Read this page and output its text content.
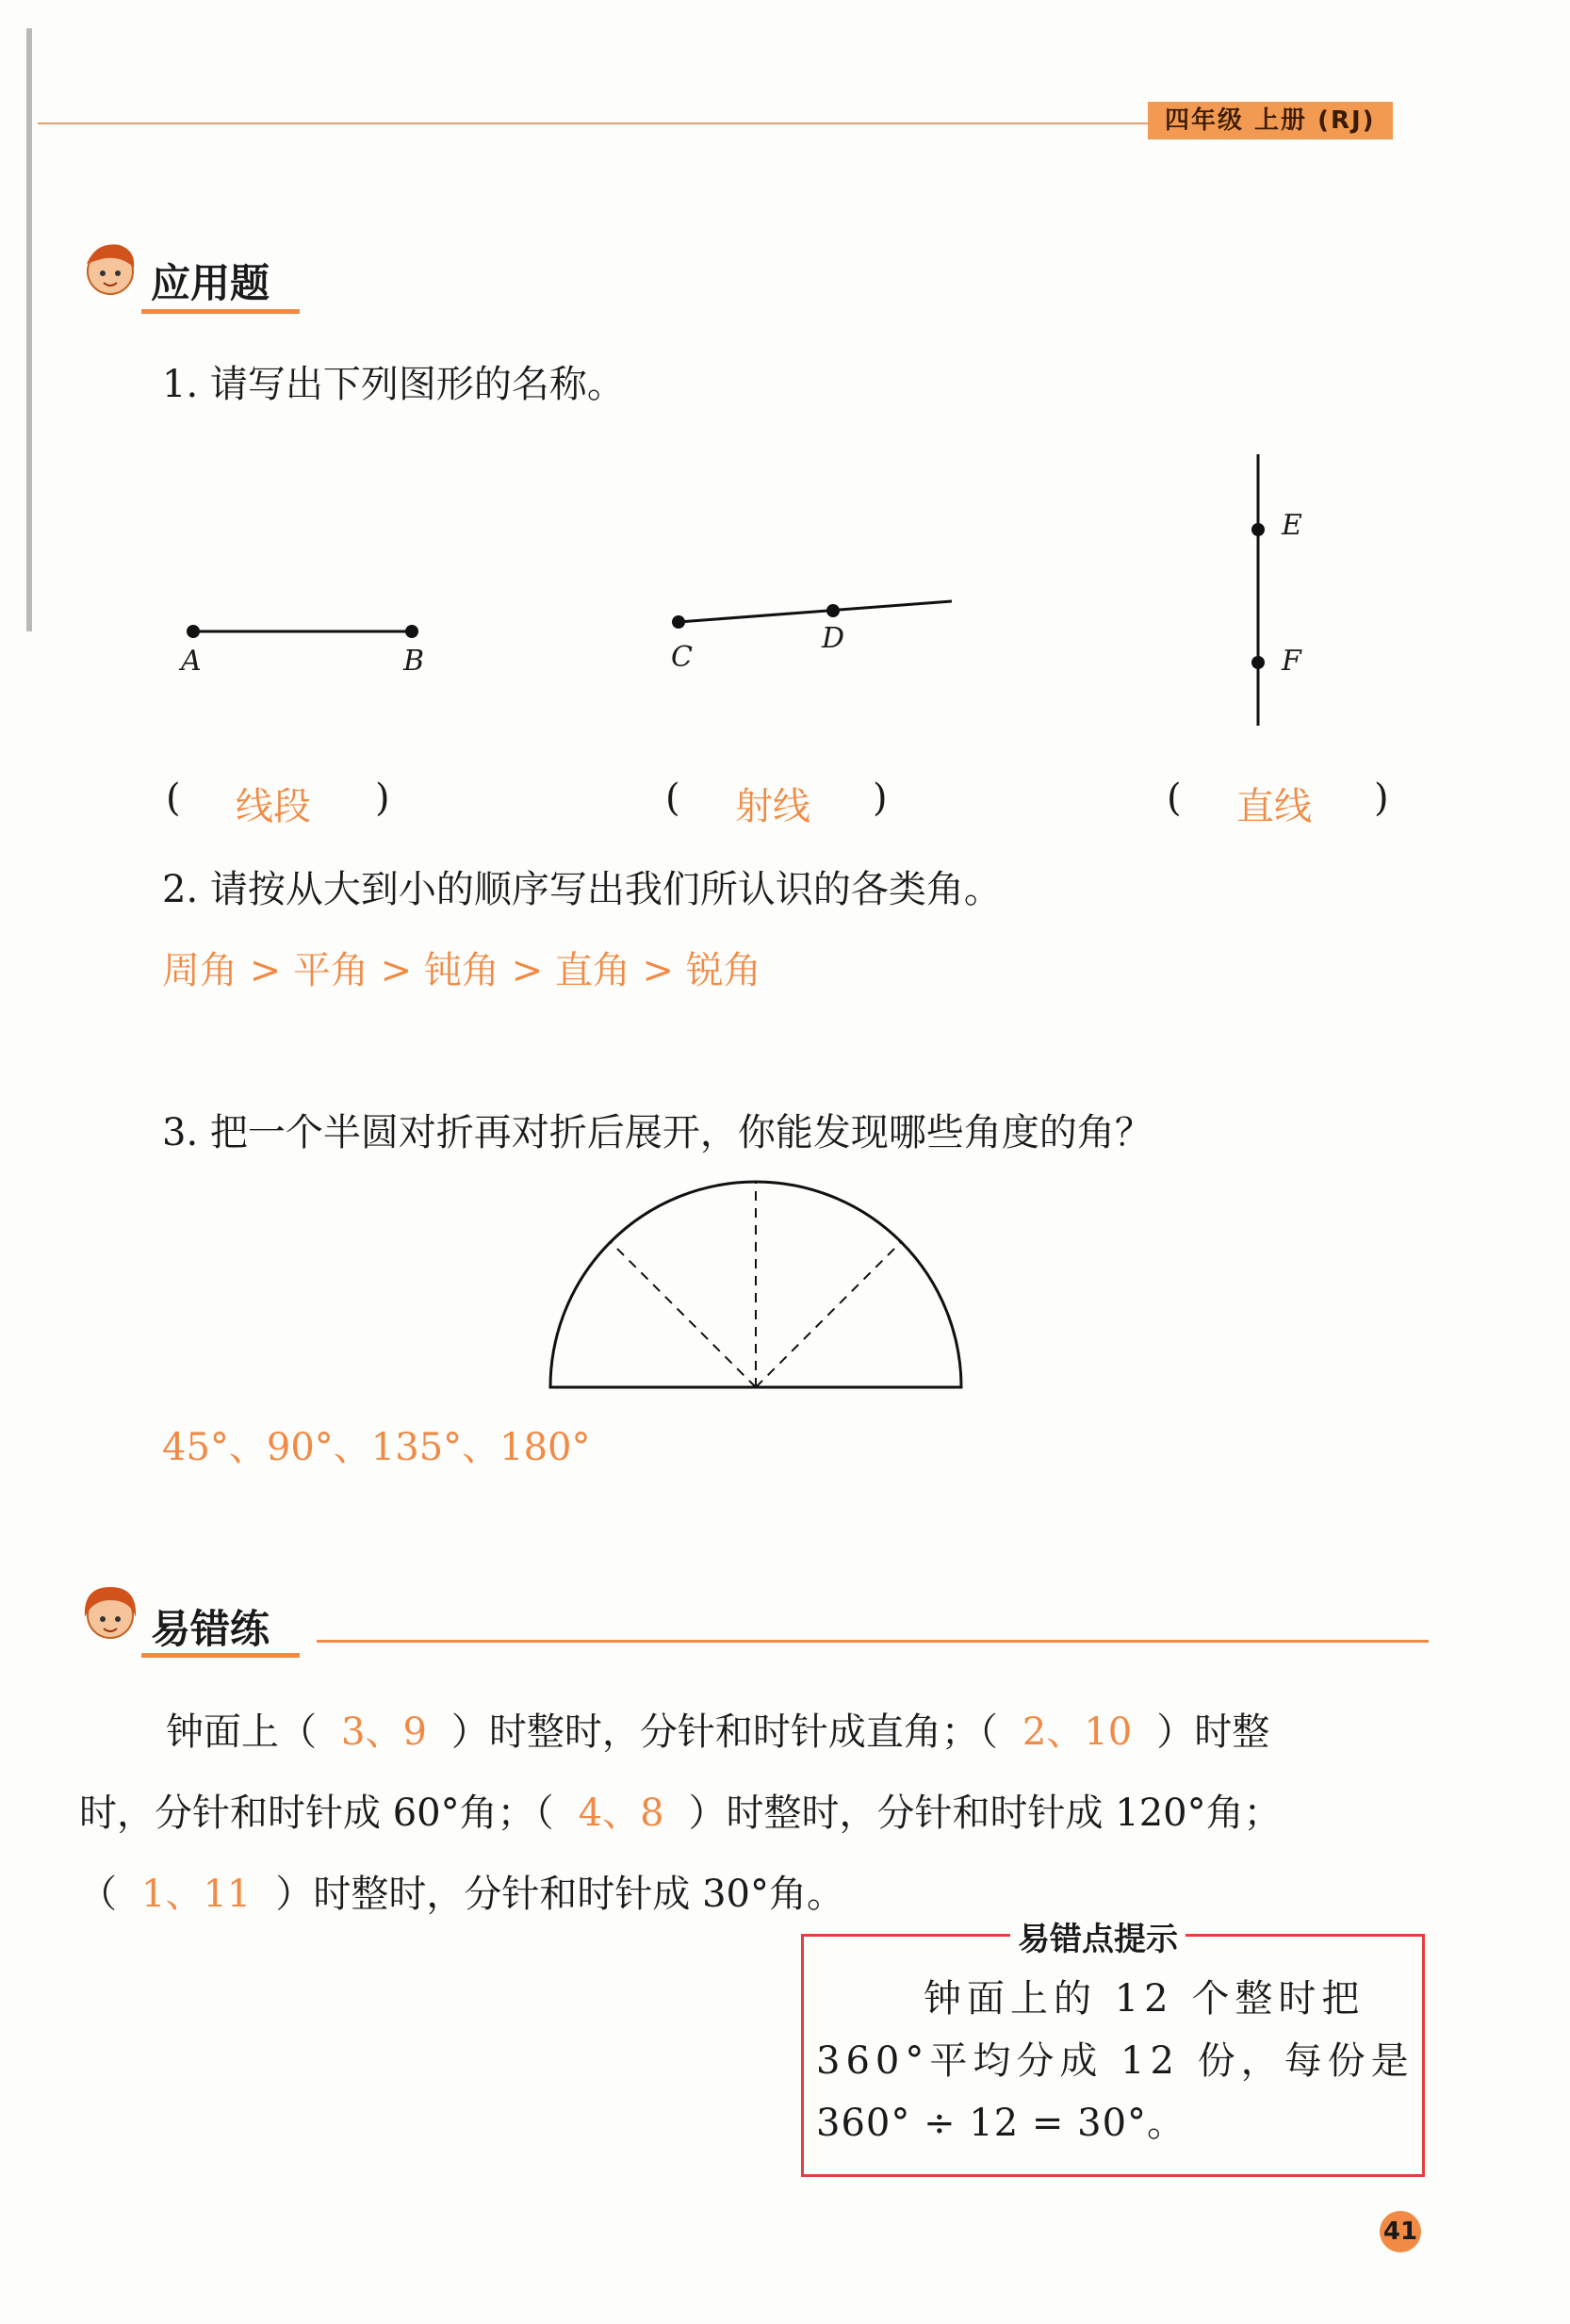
四年级 上册 (RJ)
应用题
1. 请写出下列图形的名称。
A	B	C
D
E
F
( 线段 )	( 射线 )	( 直线 )
2. 请按从大到小的顺序写出我们所认识的各类角。
周角 > 平角 > 钝角 > 直角 > 锐角
3. 把一个半圆对折再对折后展开，你能发现哪些角度的角？
45°、90°、135°、180°
易错练
钟面上（ 3、9 ）时整时，分针和时针成直角；（ 2、10 ）时整
时，分针和时针成 60°角；（ 4、8 ）时整时，分针和时针成 120°角；
（ 1、11 ）时整时，分针和时针成 30°角。
易错点提示
钟面上的 12 个整时把
360°平均分成 12 份，每份是
360° ÷ 12 = 30°。
41
